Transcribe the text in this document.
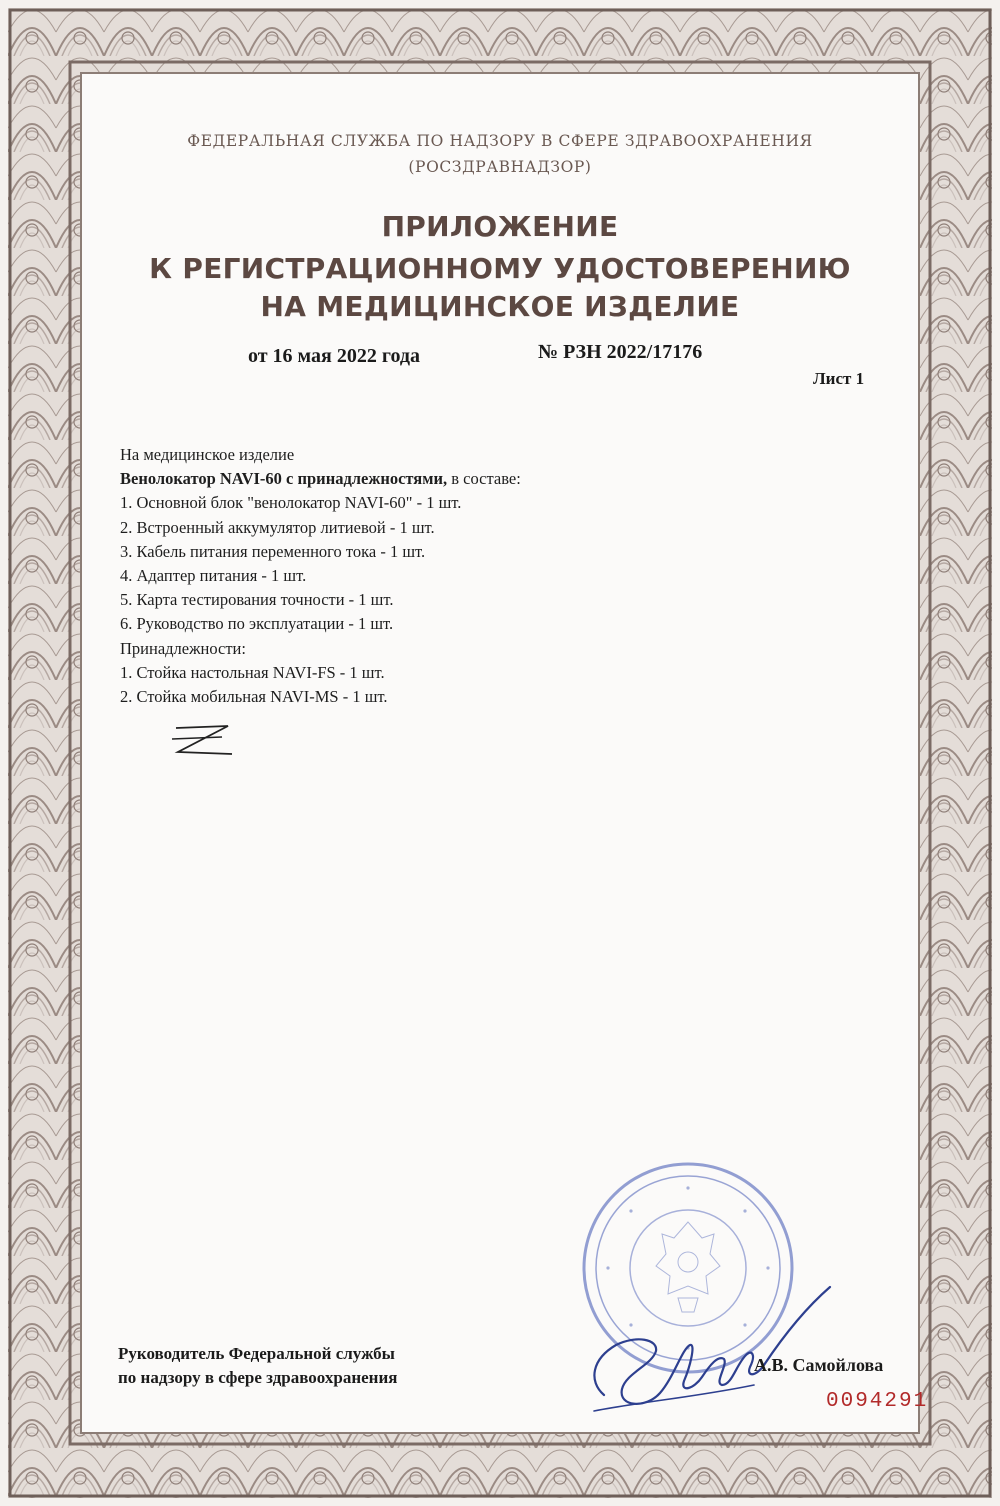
ФЕДЕРАЛЬНАЯ СЛУЖБА ПО НАДЗОРУ В СФЕРЕ ЗДРАВООХРАНЕНИЯ
(РОСЗДРАВНАДЗОР)
ПРИЛОЖЕНИЕ
К РЕГИСТРАЦИОННОМУ УДОСТОВЕРЕНИЮ
НА МЕДИЦИНСКОЕ ИЗДЕЛИЕ
от 16 мая 2022 года	№ РЗН 2022/17176
Лист 1
На медицинское изделие
Венолокатор NAVI-60 с принадлежностями, в составе:
1. Основной блок "венолокатор NAVI-60" - 1 шт.
2. Встроенный аккумулятор литиевой - 1 шт.
3. Кабель питания переменного тока - 1 шт.
4. Адаптер питания - 1 шт.
5. Карта тестирования точности - 1 шт.
6. Руководство по эксплуатации - 1 шт.
Принадлежности:
1. Стойка настольная NAVI-FS - 1 шт.
2. Стойка мобильная NAVI-MS - 1 шт.
Руководитель Федеральной службы
по надзору в сфере здравоохранения
А.В. Самойлова
0094291
